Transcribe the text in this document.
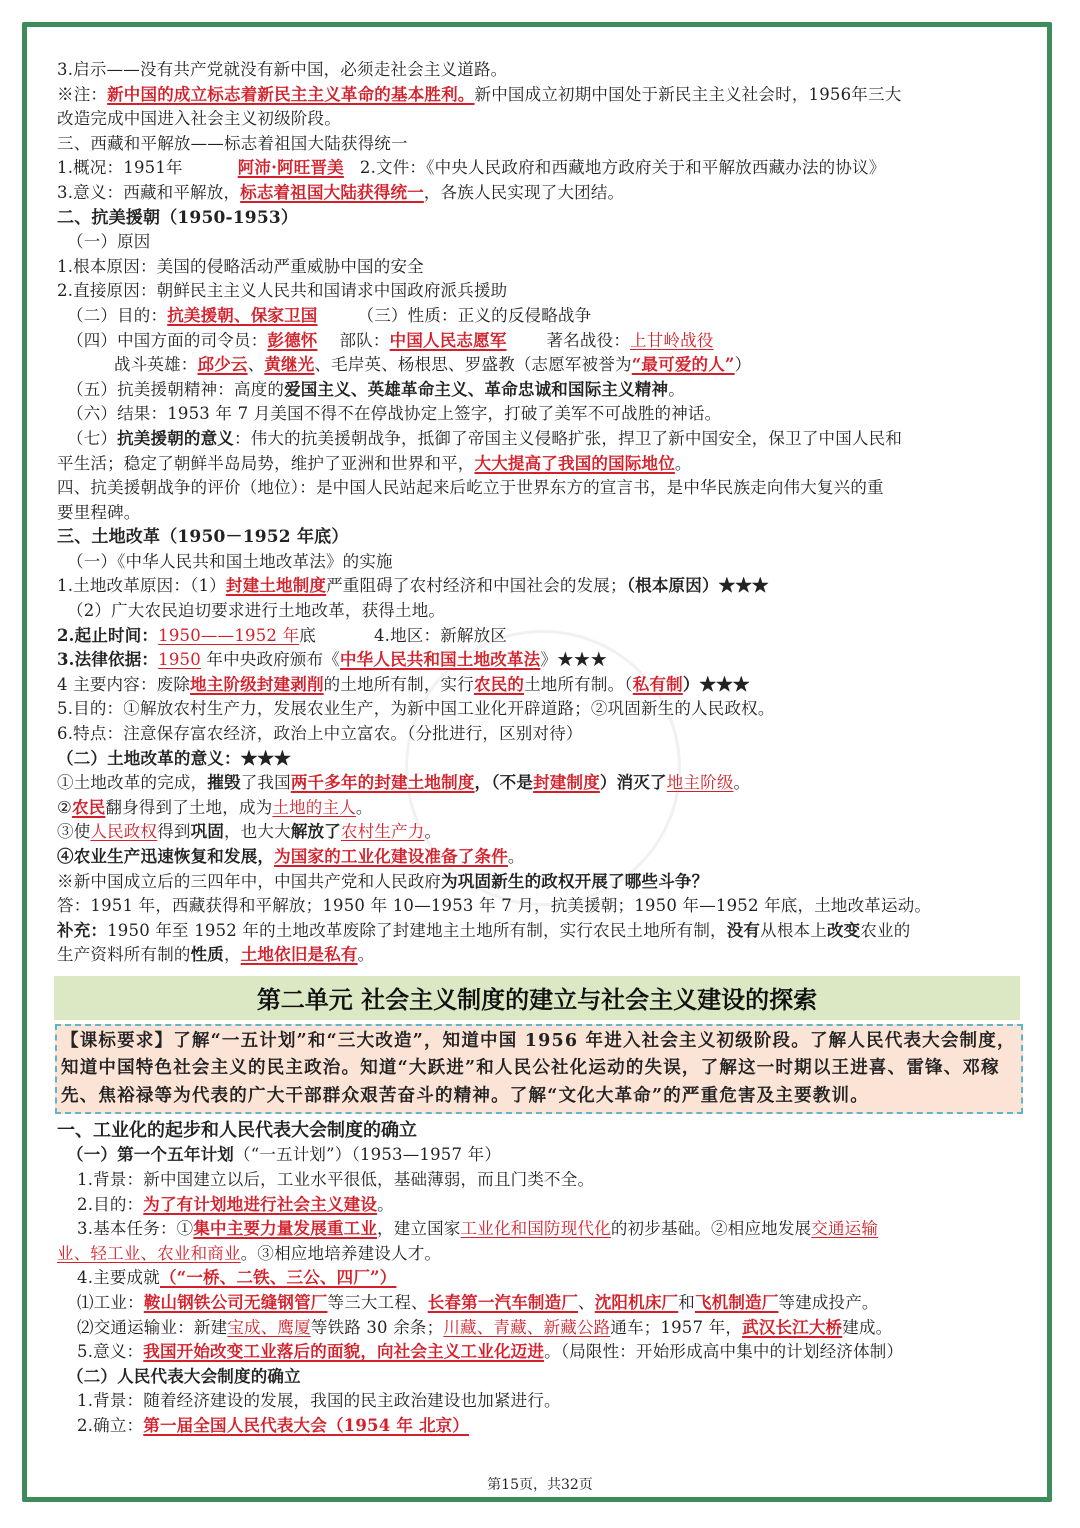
3.启示——没有共产党就没有新中国，必须走社会主义道路。
※注：新中国的成立标志着新民主主义革命的基本胜利。新中国成立初期中国处于新民主主义社会时，1956年三大
改造完成中国进入社会主义初级阶段。
三、西藏和平解放——标志着祖国大陆获得统一
1.概况：1951年	阿沛·阿旺晋美 2.文件：《中央人民政府和西藏地方政府关于和平解放西藏办法的协议》
3.意义：西藏和平解放，标志着祖国大陆获得统一，各族人民实现了大团结。
二、抗美援朝（1950-1953）
（一）原因
1.根本原因：美国的侵略活动严重威胁中国的安全
2.直接原因：朝鲜民主主义人民共和国请求中国政府派兵援助
（二）目的：抗美援朝、保家卫国 （三）性质：正义的反侵略战争
（四）中国方面的司令员：彭德怀 部队：中国人民志愿军 著名战役：上甘岭战役
战斗英雄：邱少云、黄继光、毛岸英、杨根思、罗盛教（志愿军被誉为“最可爱的人”）
（五）抗美援朝精神：高度的爱国主义、英雄革命主义、革命忠诚和国际主义精神。
（六）结果：1953 年 7 月美国不得不在停战协定上签字，打破了美军不可战胜的神话。
（七）抗美援朝的意义：伟大的抗美援朝战争，抵御了帝国主义侵略扩张，捍卫了新中国安全，保卫了中国人民和
平生活；稳定了朝鲜半岛局势，维护了亚洲和世界和平，大大提高了我国的国际地位。
四、抗美援朝战争的评价（地位）：是中国人民站起来后屹立于世界东方的宣言书，是中华民族走向伟大复兴的重
要里程碑。
三、土地改革（1950－1952 年底）
（一）《中华人民共和国土地改革法》的实施
1.土地改革原因：（1）封建土地制度严重阻碍了农村经济和中国社会的发展；（根本原因）★★★
（2）广大农民迫切要求进行土地改革，获得土地。
2.起止时间：1950——1952 年底	4.地区：新解放区
3.法律依据：1950 年中央政府颁布《中华人民共和国土地改革法》★★★
4 主要内容：废除地主阶级封建剥削的土地所有制，实行农民的土地所有制。（私有制）★★★
5.目的：①解放农村生产力，发展农业生产，为新中国工业化开辟道路；②巩固新生的人民政权。
6.特点：注意保存富农经济，政治上中立富农。（分批进行，区别对待）
（二）土地改革的意义：★★★
①土地改革的完成，摧毁了我国两千多年的封建土地制度，（不是封建制度）消灭了地主阶级。
②农民翻身得到了土地，成为土地的主人。
③使人民政权得到巩固，也大大解放了农村生产力。
④农业生产迅速恢复和发展，为国家的工业化建设准备了条件。
※新中国成立后的三四年中，中国共产党和人民政府为巩固新生的政权开展了哪些斗争？
答：1951 年，西藏获得和平解放；1950 年 10—1953 年 7 月，抗美援朝；1950 年—1952 年底，土地改革运动。
补充：1950 年至 1952 年的土地改革废除了封建地主土地所有制，实行农民土地所有制，没有从根本上改变农业的
生产资料所有制的性质，土地依旧是私有。
第二单元 社会主义制度的建立与社会主义建设的探索
【课标要求】了解“一五计划”和“三大改造”，知道中国 1956 年进入社会主义初级阶段。了解人民代表大会制度，知道中国特色社会主义的民主政治。知道“大跃进”和人民公社化运动的失误，了解这一时期以王进喜、雷锋、邓稼先、焦裕禄等为代表的广大干部群众艰苦奋斗的精神。了解“文化大革命”的严重危害及主要教训。
一、工业化的起步和人民代表大会制度的确立
（一）第一个五年计划（“一五计划”）（1953—1957 年）
1.背景：新中国建立以后，工业水平很低，基础薄弱，而且门类不全。
2.目的：为了有计划地进行社会主义建设。
3.基本任务：①集中主要力量发展重工业，建立国家工业化和国防现代化的初步基础。②相应地发展交通运输
业、轻工业、农业和商业。③相应地培养建设人才。
4.主要成就（“一桥、二铁、三公、四厂”）
⑴工业：鞍山钢铁公司无缝钢管厂等三大工程、长春第一汽车制造厂、沈阳机床厂和飞机制造厂等建成投产。
⑵交通运输业：新建宝成、鹰厦等铁路 30 余条；川藏、青藏、新藏公路通车；1957 年，武汉长江大桥建成。
5.意义：我国开始改变工业落后的面貌，向社会主义工业化迈进。（局限性：开始形成高中集中的计划经济体制）
（二）人民代表大会制度的确立
1.背景：随着经济建设的发展，我国的民主政治建设也加紧进行。
2.确立：第一届全国人民代表大会（1954 年 北京）
第15页，共32页
